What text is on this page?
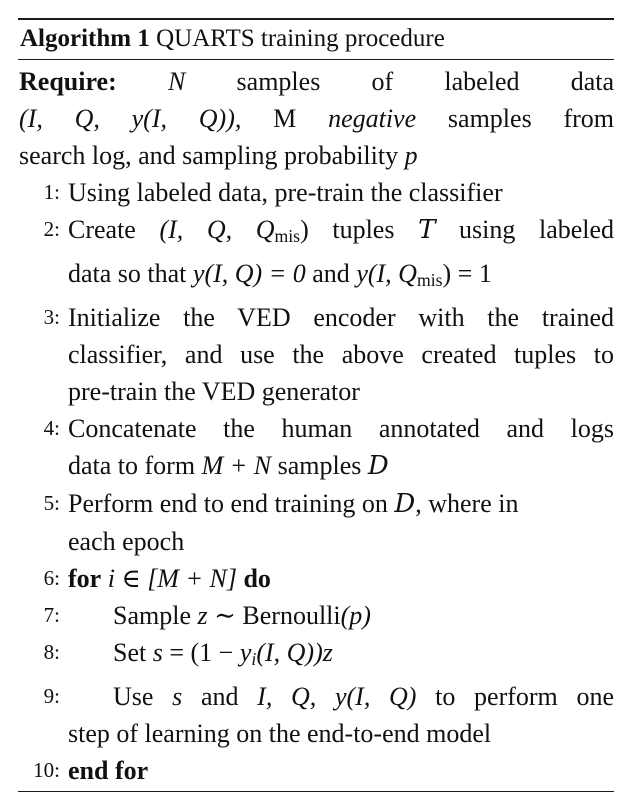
Algorithm 1 QUARTS training procedure
Require: N samples of labeled data
(I, Q, y(I, Q)), M negative samples from
search log, and sampling probability p
1: Using labeled data, pre-train the classifier
2: Create (I, Q, $Q_{mis}$) tuples T using labeled
data so that y(I, Q) = 0 and y(I, $Q_{mis}) = 1$
3: Initialize the VED encoder with the trained
classifier, and use the above created tuples to
pre-train the VED generator
4: Concatenate the human annotated and logs
data to form M + N samples D
5: Perform end to end training on D, where in
each epoch
6: for i ∈ [M + N] do
7:	Sample z ∼ Bernoulli(p)
8:	Set s = (1 − yi(I, Q))z
9:	Use s and I, Q, y(I, Q) to perform one
step of learning on the end-to-end model
10: end for
